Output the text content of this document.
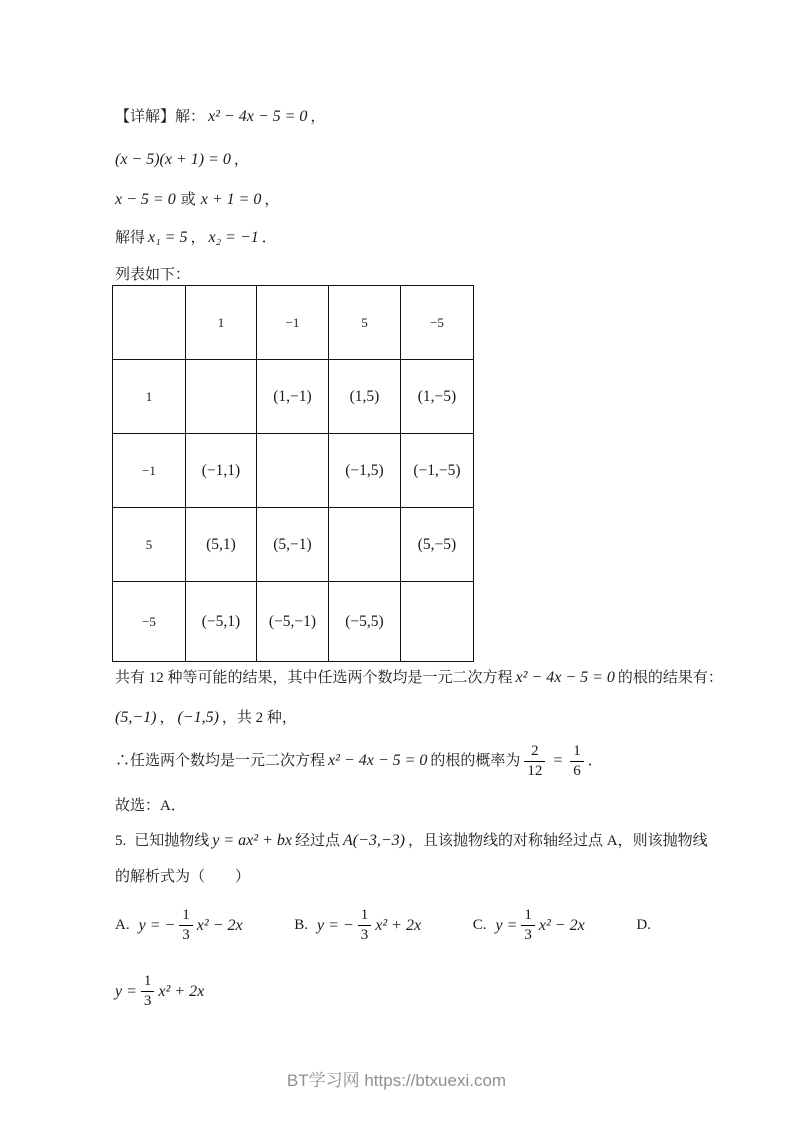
【详解】解： x² − 4x − 5 = 0 ，

(x − 5)(x + 1) = 0 ，

x − 5 = 0 或 x + 1 = 0 ，

解得 x₁ = 5 ， x₂ = −1 ．

列表如下：

	1	−1	5	−5
1		(1,−1)	(1,5)	(1,−5)
−1	(−1,1)		(−1,5)	(−1,−5)
5	(5,1)	(5,−1)		(5,−5)
−5	(−5,1)	(−5,−1)	(−5,5)	

共有 12 种等可能的结果，其中任选两个数均是一元二次方程 x² − 4x − 5 = 0 的根的结果有：

(5,−1) ， (−1,5) ，共 2 种，

∴任选两个数均是一元二次方程 x² − 4x − 5 = 0 的根的概率为 $\frac{2}{12} = \frac{1}{6}$ ．

故选：A．

5. 已知抛物线 y = ax² + bx 经过点 A(−3,−3) ，且该抛物线的对称轴经过点 A，则该抛物线

的解析式为（　　）

A. y = − $\frac{1}{3} x^2 - 2x$	B. y = − $\frac{1}{3} x^2 + 2x$	C. $y = \frac{1}{3} x^2 - 2x$	D.
$y = \frac{1}{3} x^2 + 2x$
BT学习网 https://btxuexi.com
